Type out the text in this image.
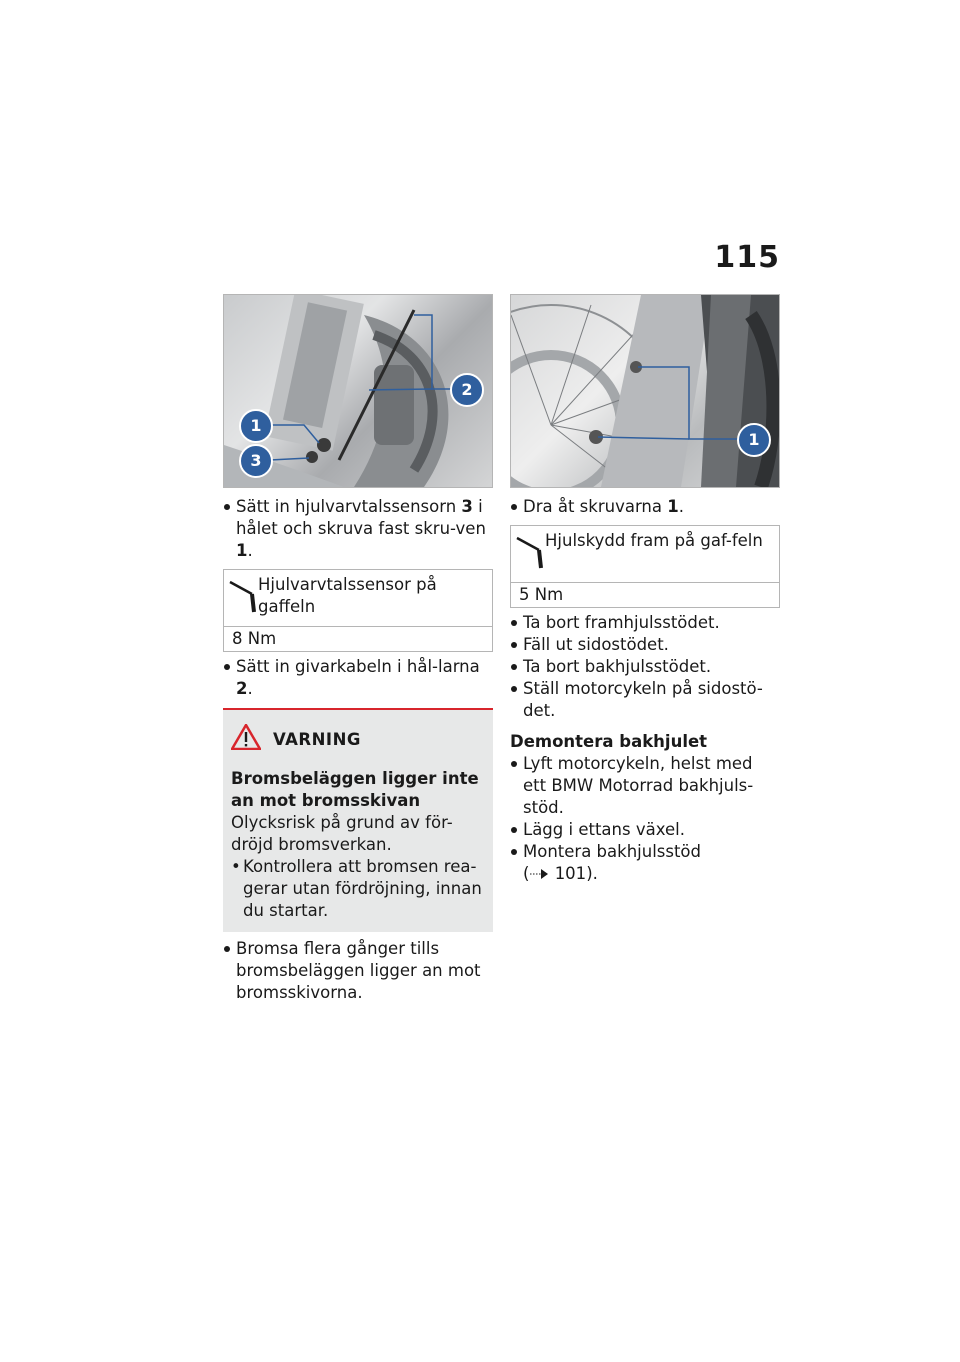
115
1
2
3
Sätt in hjulvarvtalssensorn 3 i hålet och skruva fast skru-ven 1.
Hjulvarvtalssensor på gaffeln
8 Nm
Sätt in givarkabeln i hål-larna 2.
VARNING
Bromsbeläggen ligger inte an mot bromsskivan
Olycksrisk på grund av för-dröjd bromsverkan.
• Kontrollera att bromsen rea-gerar utan fördröjning, innan du startar.
Bromsa flera gånger tills bromsbeläggen ligger an mot bromsskivorna.
1
Dra åt skruvarna 1.
Hjulskydd fram på gaf-feln
5 Nm
Ta bort framhjulsstödet.
Fäll ut sidostödet.
Ta bort bakhjulsstödet.
Ställ motorcykeln på sidostö-det.
Demontera bakhjulet
Lyft motorcykeln, helst med ett BMW Motorrad bakhjuls-stöd.
Lägg i ettans växel.
Montera bakhjulsstöd
( 101).
